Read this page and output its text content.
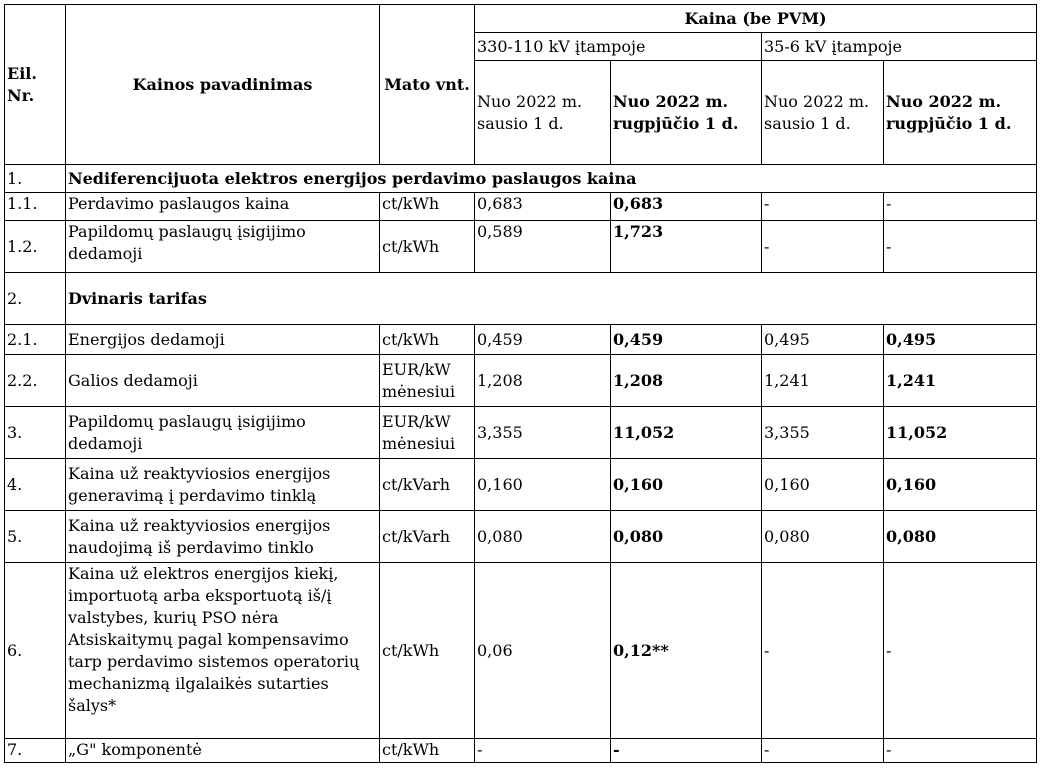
Eil. Nr.	Kainos pavadinimas	Mato vnt.	Kaina (be PVM)			
			330-110 kV įtampoje		35-6 kV įtampoje	
			Nuo 2022 m. sausio 1 d.	Nuo 2022 m. rugpjūčio 1 d.	Nuo 2022 m. sausio 1 d.	Nuo 2022 m. rugpjūčio 1 d.
1.	Nediferencijuota elektros energijos perdavimo paslaugos kaina					
1.1.	Perdavimo paslaugos kaina	ct/kWh	0,683	0,683	-	-
1.2.	Papildomų paslaugų įsigijimo dedamoji	ct/kWh	0,589	1,723	-	-
2.	Dvinaris tarifas					
2.1.	Energijos dedamoji	ct/kWh	0,459	0,459	0,495	0,495
2.2.	Galios dedamoji	EUR/kW mėnesiui	1,208	1,208	1,241	1,241
3.	Papildomų paslaugų įsigijimo dedamoji	EUR/kW mėnesiui	3,355	11,052	3,355	11,052
4.	Kaina už reaktyviosios energijos generavimą į perdavimo tinklą	ct/kVarh	0,160	0,160	0,160	0,160
5.	Kaina už reaktyviosios energijos naudojimą iš perdavimo tinklo	ct/kVarh	0,080	0,080	0,080	0,080
6.	Kaina už elektros energijos kiekį, importuotą arba eksportuotą iš/į valstybes, kurių PSO nėra Atsiskaitymų pagal kompensavimo tarp perdavimo sistemos operatorių mechanizmą ilgalaikės sutarties šalys*	ct/kWh	0,06	0,12**	-	-
7.	„G" komponentė	ct/kWh	-	-	-	-
